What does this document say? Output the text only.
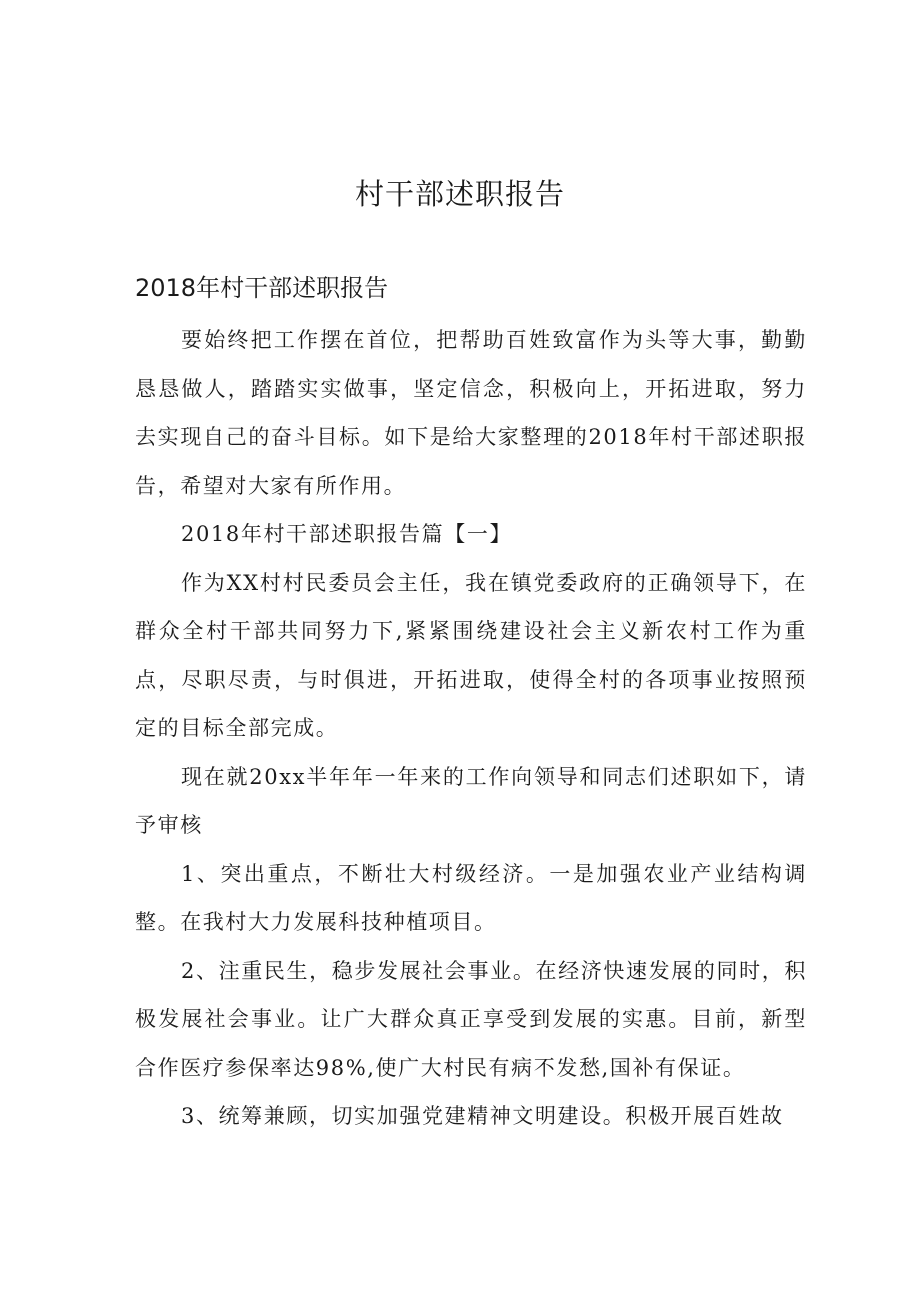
村干部述职报告
2018年村干部述职报告

要始终把工作摆在首位，把帮助百姓致富作为头等大事，勤勤恳恳做人，踏踏实实做事，坚定信念，积极向上，开拓进取，努力去实现自己的奋斗目标。如下是给大家整理的2018年村干部述职报告，希望对大家有所作用。

2018年村干部述职报告篇【一】

作为XX村村民委员会主任，我在镇党委政府的正确领导下，在群众全村干部共同努力下,紧紧围绕建设社会主义新农村工作为重点，尽职尽责，与时俱进，开拓进取，使得全村的各项事业按照预定的目标全部完成。

现在就20xx半年年一年来的工作向领导和同志们述职如下，请予审核

1、突出重点，不断壮大村级经济。一是加强农业产业结构调整。在我村大力发展科技种植项目。

2、注重民生，稳步发展社会事业。在经济快速发展的同时，积极发展社会事业。让广大群众真正享受到发展的实惠。目前，新型合作医疗参保率达98%,使广大村民有病不发愁,国补有保证。

3、统筹兼顾，切实加强党建精神文明建设。积极开展百姓故
